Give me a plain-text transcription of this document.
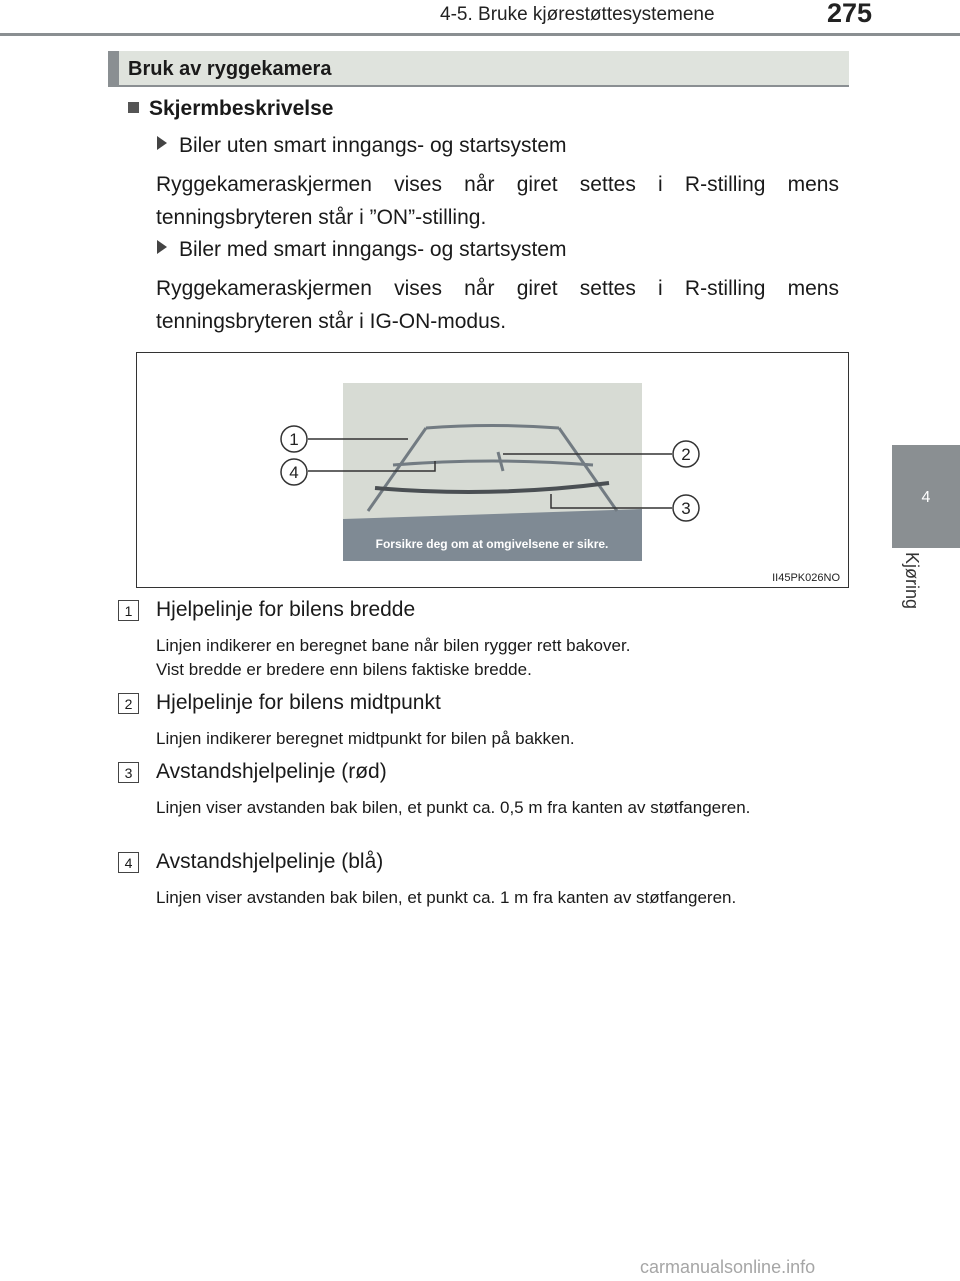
4-5. Bruke kjørestøttesystemene	275
4
Kjøring
Bruk av ryggekamera
Skjermbeskrivelse
Biler uten smart inngangs- og startsystem
Ryggekameraskjermen vises når giret settes i R-stilling mens tenningsbryteren står i ”ON”-stilling.
Biler med smart inngangs- og startsystem
Ryggekameraskjermen vises når giret settes i R-stilling mens tenningsbryteren står i IG-ON-modus.
1
2
3
4
Forsikre deg om at omgivelsene er sikre.
II45PK026NO
1	Hjelpelinje for bilens bredde
Linjen indikerer en beregnet bane når bilen rygger rett bakover.
Vist bredde er bredere enn bilens faktiske bredde.
2	Hjelpelinje for bilens midtpunkt
Linjen indikerer beregnet midtpunkt for bilen på bakken.
3	Avstandshjelpelinje (rød)
Linjen viser avstanden bak bilen, et punkt ca. 0,5 m fra kanten av støtfangeren.
4	Avstandshjelpelinje (blå)
Linjen viser avstanden bak bilen, et punkt ca. 1 m fra kanten av støtfangeren.
carmanualsonline.info
